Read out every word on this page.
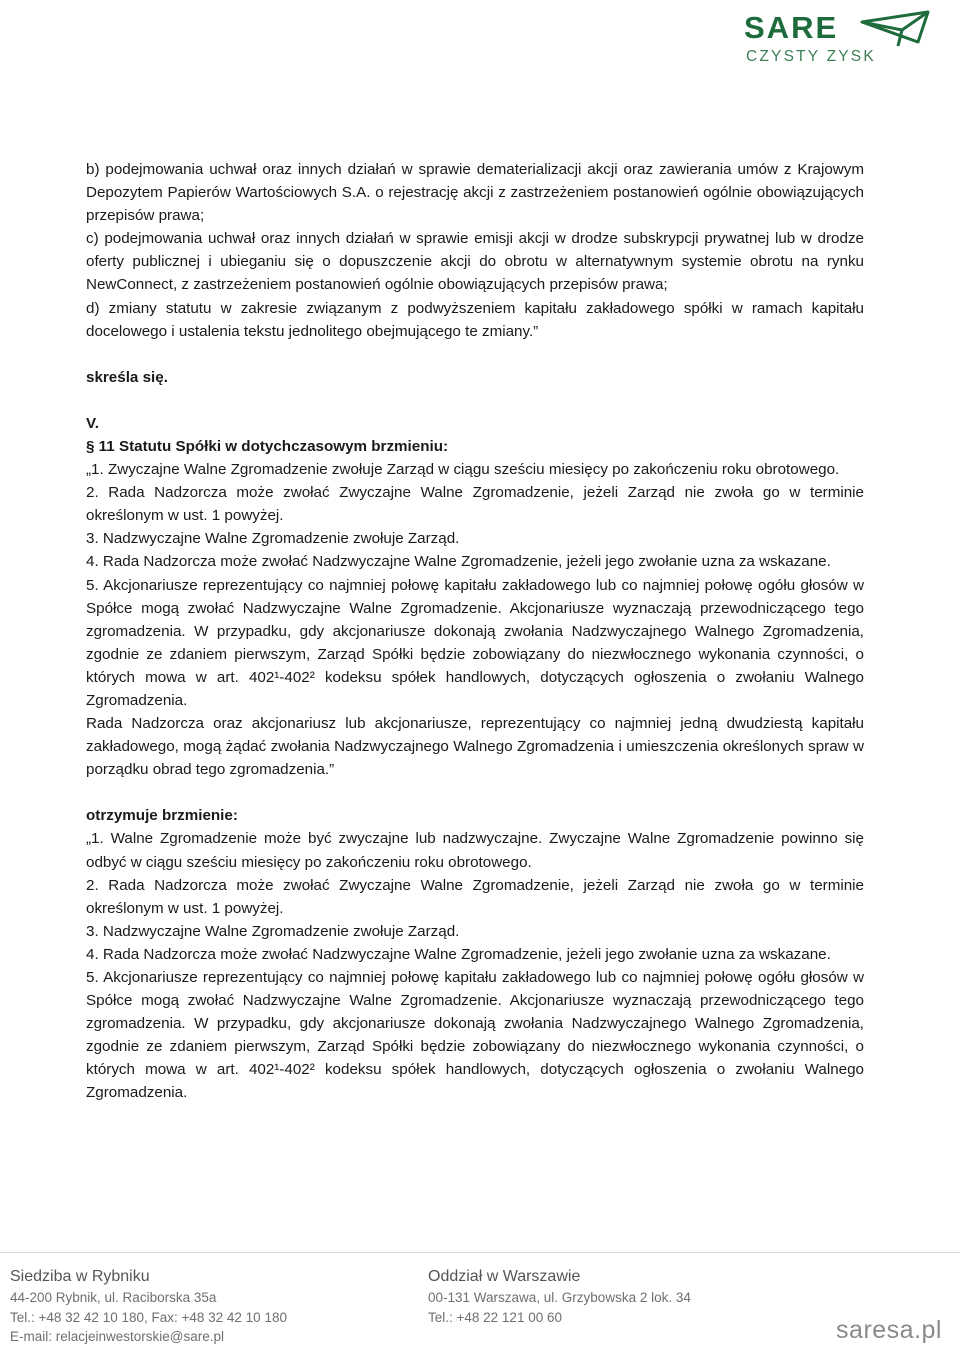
SARE
CZYSTY ZYSK

b) podejmowania uchwał oraz innych działań w sprawie dematerializacji akcji oraz zawierania umów z Krajowym Depozytem Papierów Wartościowych S.A. o rejestrację akcji z zastrzeżeniem postanowień ogólnie obowiązujących przepisów prawa;

c) podejmowania uchwał oraz innych działań w sprawie emisji akcji w drodze subskrypcji prywatnej lub w drodze oferty publicznej i ubieganiu się o dopuszczenie akcji do obrotu w alternatywnym systemie obrotu na rynku NewConnect, z zastrzeżeniem postanowień ogólnie obowiązujących przepisów prawa;

d) zmiany statutu w zakresie związanym z podwyższeniem kapitału zakładowego spółki w ramach kapitału docelowego i ustalenia tekstu jednolitego obejmującego te zmiany.”

skreśla się.

V.

§ 11 Statutu Spółki w dotychczasowym brzmieniu:

„1. Zwyczajne Walne Zgromadzenie zwołuje Zarząd w ciągu sześciu miesięcy po zakończeniu roku obrotowego.

2. Rada Nadzorcza może zwołać Zwyczajne Walne Zgromadzenie, jeżeli Zarząd nie zwoła go w terminie określonym w ust. 1 powyżej.

3. Nadzwyczajne Walne Zgromadzenie zwołuje Zarząd.

4. Rada Nadzorcza może zwołać Nadzwyczajne Walne Zgromadzenie, jeżeli jego zwołanie uzna za wskazane.

5. Akcjonariusze reprezentujący co najmniej połowę kapitału zakładowego lub co najmniej połowę ogółu głosów w Spółce mogą zwołać Nadzwyczajne Walne Zgromadzenie. Akcjonariusze wyznaczają przewodniczącego tego zgromadzenia. W przypadku, gdy akcjonariusze dokonają zwołania Nadzwyczajnego Walnego Zgromadzenia, zgodnie ze zdaniem pierwszym, Zarząd Spółki będzie zobowiązany do niezwłocznego wykonania czynności, o których mowa w art. 402¹-402² kodeksu spółek handlowych, dotyczących ogłoszenia o zwołaniu Walnego Zgromadzenia.

Rada Nadzorcza oraz akcjonariusz lub akcjonariusze, reprezentujący co najmniej jedną dwudziestą kapitału zakładowego, mogą żądać zwołania Nadzwyczajnego Walnego Zgromadzenia i umieszczenia określonych spraw w porządku obrad tego zgromadzenia.”

otrzymuje brzmienie:

„1. Walne Zgromadzenie może być zwyczajne lub nadzwyczajne. Zwyczajne Walne Zgromadzenie powinno się odbyć w ciągu sześciu miesięcy po zakończeniu roku obrotowego.

2. Rada Nadzorcza może zwołać Zwyczajne Walne Zgromadzenie, jeżeli Zarząd nie zwoła go w terminie określonym w ust. 1 powyżej.

3. Nadzwyczajne Walne Zgromadzenie zwołuje Zarząd.

4. Rada Nadzorcza może zwołać Nadzwyczajne Walne Zgromadzenie, jeżeli jego zwołanie uzna za wskazane.

5. Akcjonariusze reprezentujący co najmniej połowę kapitału zakładowego lub co najmniej połowę ogółu głosów w Spółce mogą zwołać Nadzwyczajne Walne Zgromadzenie. Akcjonariusze wyznaczają przewodniczącego tego zgromadzenia. W przypadku, gdy akcjonariusze dokonają zwołania Nadzwyczajnego Walnego Zgromadzenia, zgodnie ze zdaniem pierwszym, Zarząd Spółki będzie zobowiązany do niezwłocznego wykonania czynności, o których mowa w art. 402¹-402² kodeksu spółek handlowych, dotyczących ogłoszenia o zwołaniu Walnego Zgromadzenia.

Siedziba w Rybniku
44-200 Rybnik, ul. Raciborska 35a
Tel.: +48 32 42 10 180, Fax: +48 32 42 10 180
E-mail: relacjeinwestorskie@sare.pl
Oddział w Warszawie
00-131 Warszawa, ul. Grzybowska 2 lok. 34
Tel.: +48 22 121 00 60	saresa.pl
